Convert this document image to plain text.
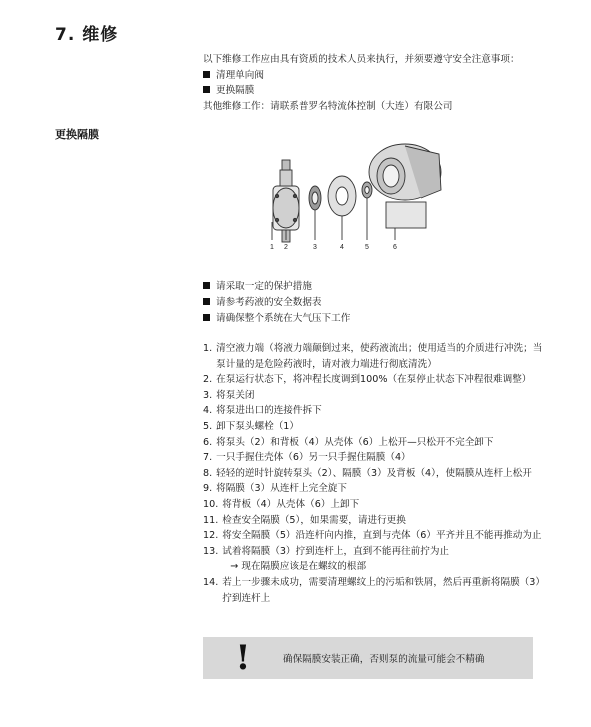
7. 维修
以下维修工作应由具有资质的技术人员来执行，并须要遵守安全注意事项：
清理单向阀
更换隔膜
其他维修工作：请联系普罗名特流体控制（大连）有限公司
更换隔膜
1 2	3	4	5	6
请采取一定的保护措施
请参考药液的安全数据表
请确保整个系统在大气压下工作
1. 清空液力端（将液力端颠倒过来，使药液流出；使用适当的介质进行冲洗；当泵计量的是危险药液时，请对液力端进行彻底清洗）
2. 在泵运行状态下，将冲程长度调到100%（在泵停止状态下冲程很难调整）
3. 将泵关闭
4. 将泵进出口的连接件拆下
5. 卸下泵头螺栓（1）
6. 将泵头（2）和背板（4）从壳体（6）上松开—只松开不完全卸下
7. 一只手握住壳体（6）另一只手握住隔膜（4）
8. 轻轻的逆时针旋转泵头（2）、隔膜（3）及背板（4），使隔膜从连杆上松开
9. 将隔膜（3）从连杆上完全旋下
10. 将背板（4）从壳体（6）上卸下
11. 检查安全隔膜（5），如果需要，请进行更换
12. 将安全隔膜（5）沿连杆向内推，直到与壳体（6）平齐并且不能再推动为止
13. 试着将隔膜（3）拧到连杆上，直到不能再往前拧为止
→ 现在隔膜应该是在螺纹的根部
14. 若上一步骤未成功，需要清理螺纹上的污垢和铁屑，然后再重新将隔膜（3）拧到连杆上
!	确保隔膜安装正确，否则泵的流量可能会不精确
